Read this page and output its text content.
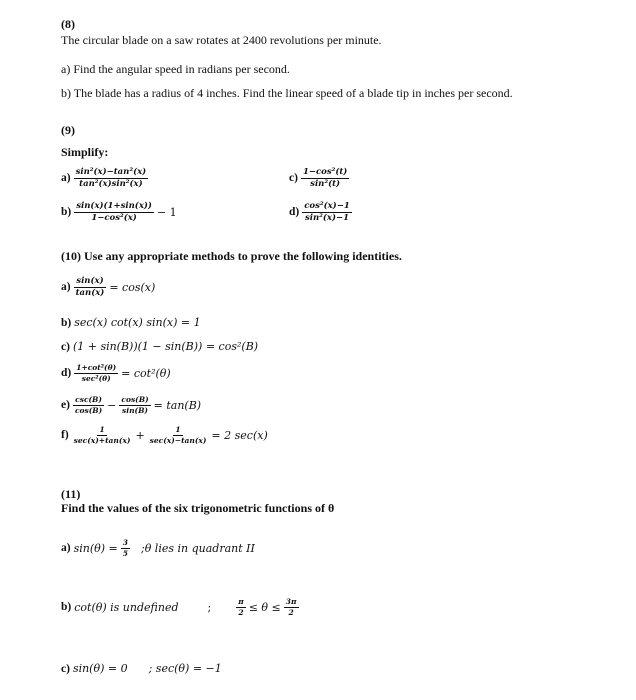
(8)
The circular blade on a saw rotates at 2400 revolutions per minute.
a) Find the angular speed in radians per second.
b) The blade has a radius of 4 inches. Find the linear speed of a blade tip in inches per second.
(9)
Simplify:
$a) \frac{\text{sin²(x)−tan²(x)}}{\text{tan²(x)sin²(x)}}$	$c) \frac{\text{1−cos²(t)}}{\text{sin²(t)}}$
$b) \frac{\sin(x)(1+\sin(x))}{\text{1−cos²(x)}} - 1$	$d) \frac{\text{cos²(x)−1}}{\text{sin²(x)−1}}$
(10) Use any appropriate methods to prove the following identities.
$a) \frac{\sin(x)}{\tan(x)} = \cos(x)$
b) sec(x) cot(x) sin(x) = 1
c) (1 + sin(B))(1 − sin(B)) = cos²(B)
$d) \frac{\text{1+cot²(θ)}}{\text{sec²(θ)}} = \cot^2(\theta)$
$e) \frac{\csc(B)}{\cos(B)} - \frac{\cos(B)}{\sin(B)} = \tan(B)$
$f) \frac{1}{\sec(x)+\tan(x)} + \frac{1}{\sec(x)-\tan(x)} = 2$ sec(x)
(11)
Find the values of the six trigonometric functions of θ
a) $\sin(\theta) = \frac{3}{5}$ ;θ lies in quadrant II
b) cot(θ) is undefined	;	$\frac{\pi}{2} \le \theta \le \frac{3\pi}{2}$
c) sin(θ) = 0 ; sec(θ) = −1
